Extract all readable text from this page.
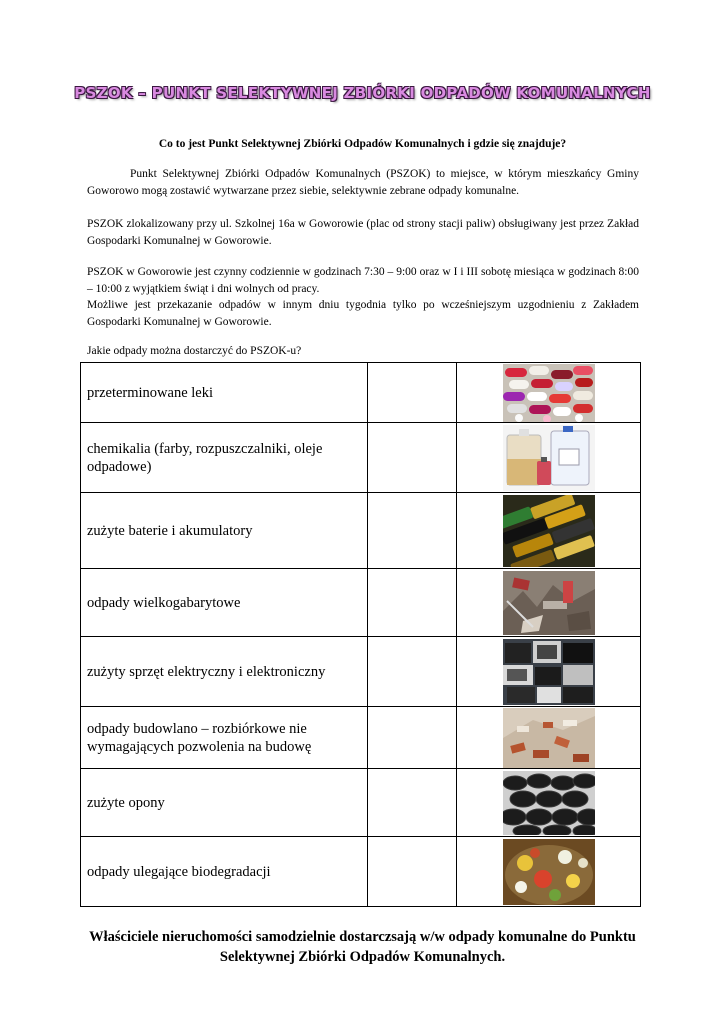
PSZOK – PUNKT SELEKTYWNEJ ZBIÓRKI ODPADÓW KOMUNALNYCH
Co to jest Punkt Selektywnej Zbiórki Odpadów Komunalnych i gdzie się znajduje?
Punkt Selektywnej Zbiórki Odpadów Komunalnych (PSZOK) to miejsce, w którym mieszkańcy Gminy Goworowo mogą zostawić wytwarzane przez siebie, selektywnie zebrane odpady komunalne.
PSZOK zlokalizowany przy ul. Szkolnej 16a w Goworowie (plac od strony stacji paliw) obsługiwany jest przez Zakład Gospodarki Komunalnej w Goworowie.
PSZOK w Goworowie jest czynny codziennie w godzinach 7:30 – 9:00 oraz w I i III sobotę miesiąca w godzinach 8:00 – 10:00 z wyjątkiem świąt i dni wolnych od pracy.
Możliwe jest przekazanie odpadów w innym dniu tygodnia tylko po wcześniejszym uzgodnieniu z Zakładem Gospodarki Komunalnej w Goworowie.
Jakie odpady można dostarczyć do PSZOK-u?
przeterminowane leki		

chemikalia (farby, rozpuszczalniki, oleje odpadowe)		

zużyte baterie i akumulatory		

odpady wielkogabarytowe		

zużyty sprzęt elektryczny i elektroniczny		

odpady budowlano – rozbiórkowe nie wymagających pozwolenia na budowę		

zużyte opony		

odpady ulegające biodegradacji		
Właściciele nieruchomości samodzielnie dostarczsają w/w odpady komunalne do Punktu Selektywnej Zbiórki Odpadów Komunalnych.
